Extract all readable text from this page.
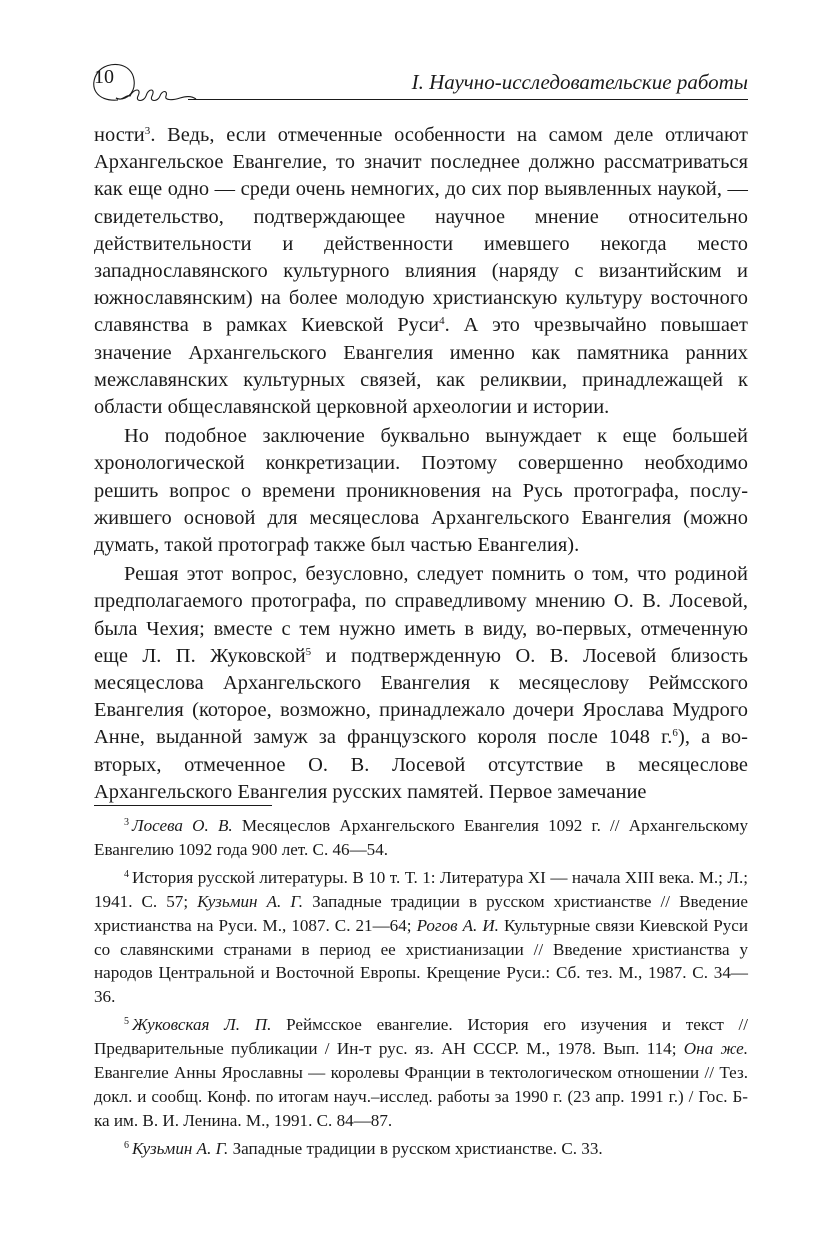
10	I. Научно-исследовательские работы

ности$^3$. Ведь, если отмеченные особенности на самом деле отличают Архангельское Евангелие, то значит последнее должно рассматриваться как еще одно — среди очень немногих, до сих пор выявленных наукой, — свидетельство, подтверждающее научное мнение относительно действительности и действенности имевшего некогда место западнославянского культурного влияния (наряду с византийским и южнославянским) на более молодую христианскую культуру восточного славянства в рамках Киевской Руси$^4$. А это чрезвычайно повышает значение Архангельского Евангелия именно как памятника ранних межславянских культурных связей, как реликвии, принадлежащей к области общеславянской церковной археологии и истории.

Но подобное заключение буквально вынуждает к еще большей хронологической конкретизации. Поэтому совершенно необходимо решить вопрос о времени проникновения на Русь протографа, послужившего основой для месяцеслова Архангельского Евангелия (можно думать, такой протограф также был частью Евангелия).

Решая этот вопрос, безусловно, следует помнить о том, что родиной предполагаемого протографа, по справедливому мнению О. В. Лосевой, была Чехия; вместе с тем нужно иметь в виду, во-первых, отмеченную еще Л. П. Жуковской$^5$ и подтвержденную О. В. Лосевой близость месяцеслова Архангельского Евангелия к месяцеслову Реймсского Евангелия (которое, возможно, принадлежало дочери Ярослава Мудрого Анне, выданной замуж за французского короля после 1048 г.$^6$), а во-вторых, отмеченное О. В. Лосевой отсутствие в месяцеслове Архангельского Евангелия русских памятей. Первое замечание

$^3$ Лосева О. В. Месяцеслов Архангельского Евангелия 1092 г. // Архангельскому Евангелию 1092 года 900 лет. С. 46—54.

$^4$ История русской литературы. В 10 т. Т. 1: Литература XI — начала XIII века. М.; Л.; 1941. С. 57; Кузьмин А. Г. Западные традиции в русском христианстве // Введение христианства на Руси. М., 1087. С. 21—64; Рогов А. И. Культурные связи Киевской Руси со славянскими странами в период ее христианизации // Введение христианства у народов Центральной и Восточной Европы. Крещение Руси.: Сб. тез. М., 1987. С. 34—36.

$^5$ Жуковская Л. П. Реймсское евангелие. История его изучения и текст // Предварительные публикации / Ин-т рус. яз. АН СССР. М., 1978. Вып. 114; Она же. Евангелие Анны Ярославны — королевы Франции в тектологическом отношении // Тез. докл. и сообщ. Конф. по итогам науч.–исслед. работы за 1990 г. (23 апр. 1991 г.) / Гос. Б-ка им. В. И. Ленина. М., 1991. С. 84—87.

$^6$ Кузьмин А. Г. Западные традиции в русском христианстве. С. 33.
